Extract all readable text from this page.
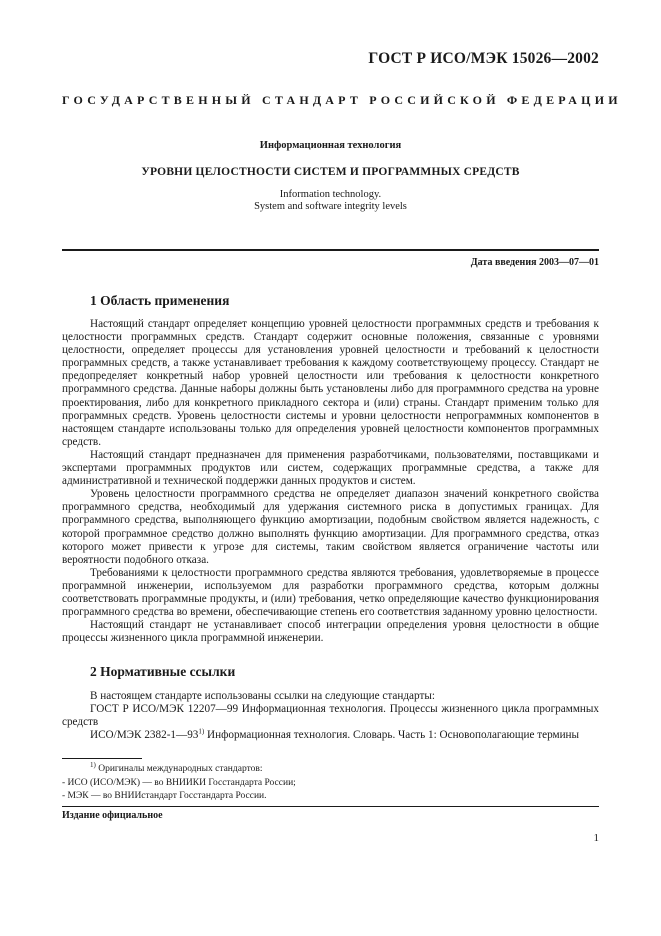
ГОСТ Р ИСО/МЭК 15026—2002
ГОСУДАРСТВЕННЫЙ СТАНДАРТ РОССИЙСКОЙ ФЕДЕРАЦИИ
Информационная технология
УРОВНИ ЦЕЛОСТНОСТИ СИСТЕМ И ПРОГРАММНЫХ СРЕДСТВ
Information technology.
System and software integrity levels
Дата введения 2003—07—01
1 Область применения

Настоящий стандарт определяет концепцию уровней целостности программных средств и требования к целостности программных средств. Стандарт содержит основные положения, связанные с уровнями целостности, определяет процессы для установления уровней целостности и требований к целостности программных средств, а также устанавливает требования к каждому соответствующему процессу. Стандарт не предопределяет конкретный набор уровней целостности или требования к целостности конкретного программного средства. Данные наборы должны быть установлены либо для программного средства на уровне проектирования, либо для конкретного прикладного сектора и (или) страны. Стандарт применим только для программных средств. Уровень целостности системы и уровни целостности непрограммных компонентов в настоящем стандарте использованы только для определения уровней целостности компонентов программных средств.

Настоящий стандарт предназначен для применения разработчиками, пользователями, поставщиками и экспертами программных продуктов или систем, содержащих программные средства, а также для административной и технической поддержки данных продуктов и систем.

Уровень целостности программного средства не определяет диапазон значений конкретного свойства программного средства, необходимый для удержания системного риска в допустимых границах. Для программного средства, выполняющего функцию амортизации, подобным свойством является надежность, с которой программное средство должно выполнять функцию амортизации. Для программного средства, отказ которого может привести к угрозе для системы, таким свойством является ограничение частоты или вероятности подобного отказа.

Требованиями к целостности программного средства являются требования, удовлетворяемые в процессе программной инженерии, используемом для разработки программного средства, которым должны соответствовать программные продукты, и (или) требования, четко определяющие качество функционирования программного средства во времени, обеспечивающие степень его соответствия заданному уровню целостности.

Настоящий стандарт не устанавливает способ интеграции определения уровня целостности в общие процессы жизненного цикла программной инженерии.

2 Нормативные ссылки

В настоящем стандарте использованы ссылки на следующие стандарты:

ГОСТ Р ИСО/МЭК 12207—99 Информационная технология. Процессы жизненного цикла программных средств

ИСО/МЭК 2382-1—93$^{1)}$ Информационная технология. Словарь. Часть 1: Основополагающие термины

$^{1)}$ Оригиналы международных стандартов:
- ИСО (ИСО/МЭК) — во ВНИИКИ Госстандарта России;
- МЭК — во ВНИИстандарт Госстандарта России.
Издание официальное
1
